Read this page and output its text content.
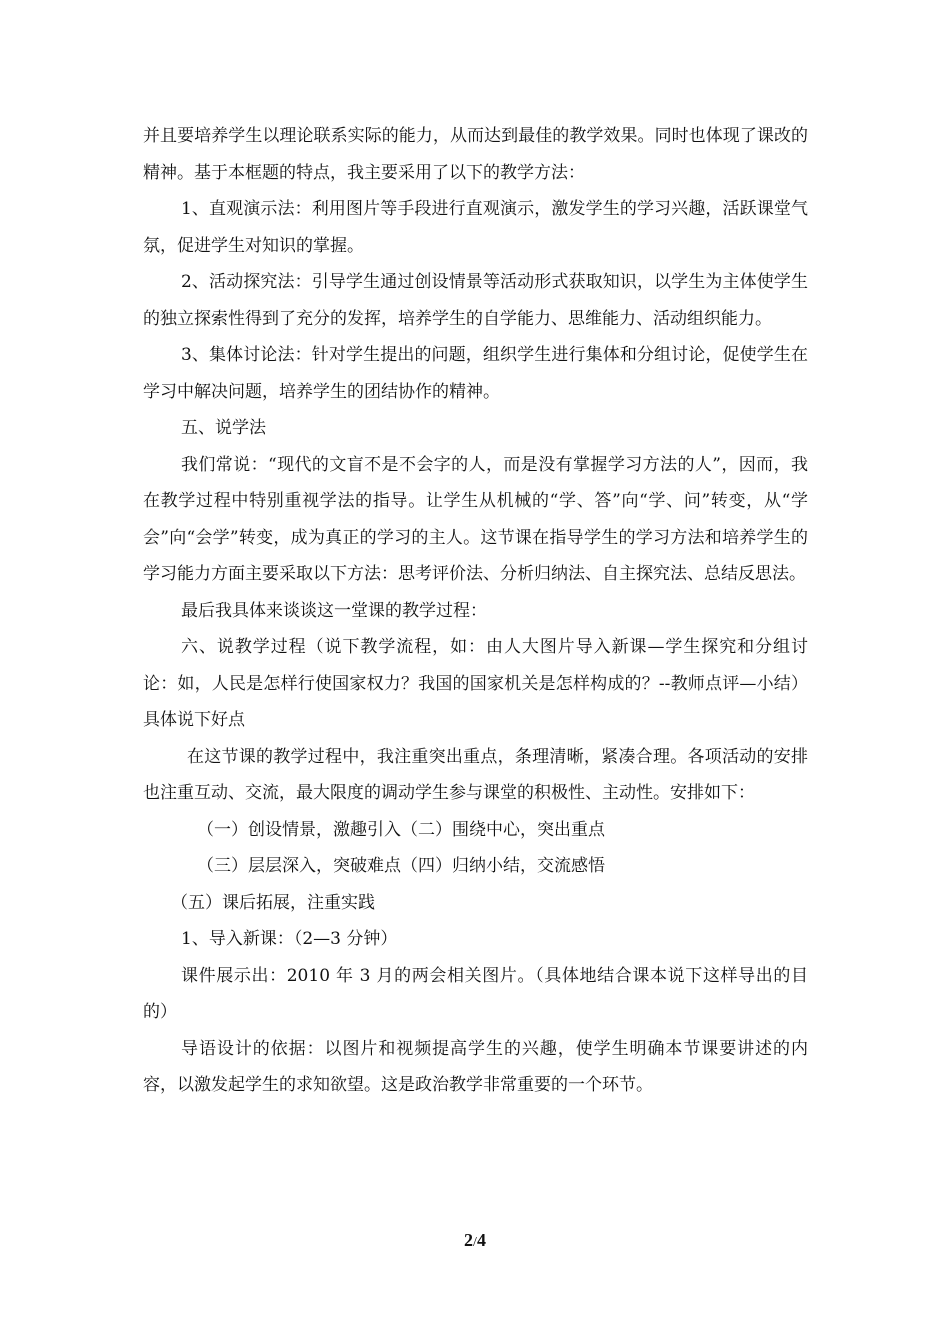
并且要培养学生以理论联系实际的能力，从而达到最佳的教学效果。同时也体现了课改的精神。基于本框题的特点，我主要采用了以下的教学方法：

1、直观演示法：利用图片等手段进行直观演示，激发学生的学习兴趣，活跃课堂气氛，促进学生对知识的掌握。

2、活动探究法：引导学生通过创设情景等活动形式获取知识，以学生为主体使学生的独立探索性得到了充分的发挥，培养学生的自学能力、思维能力、活动组织能力。

3、集体讨论法：针对学生提出的问题，组织学生进行集体和分组讨论，促使学生在学习中解决问题，培养学生的团结协作的精神。

五、说学法

我们常说：“现代的文盲不是不会字的人，而是没有掌握学习方法的人”，因而，我在教学过程中特别重视学法的指导。让学生从机械的“学、答”向“学、问”转变，从“学会”向“会学”转变，成为真正的学习的主人。这节课在指导学生的学习方法和培养学生的学习能力方面主要采取以下方法：思考评价法、分析归纳法、自主探究法、总结反思法。

最后我具体来谈谈这一堂课的教学过程：

六、说教学过程（说下教学流程，如：由人大图片导入新课—学生探究和分组讨论：如，人民是怎样行使国家权力？我国的国家机关是怎样构成的？--教师点评—小结）具体说下好点

在这节课的教学过程中，我注重突出重点，条理清晰，紧凑合理。各项活动的安排也注重互动、交流，最大限度的调动学生参与课堂的积极性、主动性。安排如下：

（一）创设情景，激趣引入（二）围绕中心，突出重点

（三）层层深入，突破难点（四）归纳小结，交流感悟

（五）课后拓展，注重实践

1、导入新课：（2—3 分钟）

课件展示出：2010 年 3 月的两会相关图片。（具体地结合课本说下这样导出的目的）

导语设计的依据：以图片和视频提高学生的兴趣，使学生明确本节课要讲述的内容，以激发起学生的求知欲望。这是政治教学非常重要的一个环节。

2/4
